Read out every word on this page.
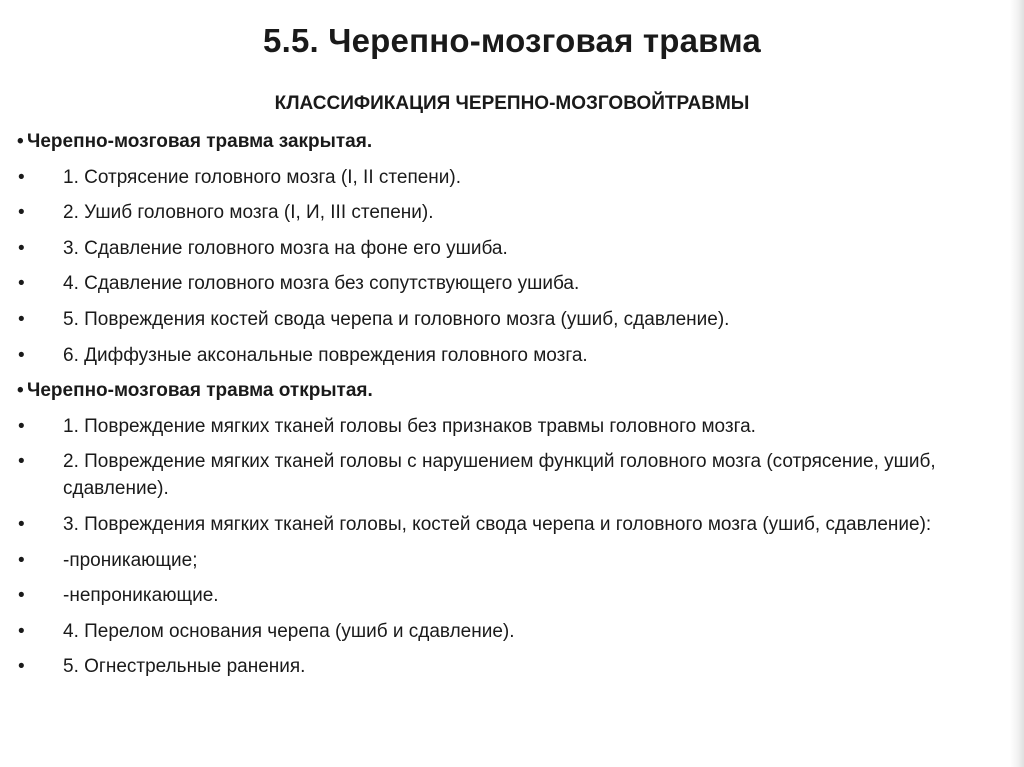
5.5. Черепно-мозговая травма
КЛАССИФИКАЦИЯ ЧЕРЕПНО-МОЗГОВОЙТРАВМЫ
• Черепно-мозговая травма закрытая.
• 1. Сотрясение головного мозга (I, II степени).
• 2. Ушиб головного мозга (I, И, III степени).
• 3. Сдавление головного мозга на фоне его ушиба.
• 4. Сдавление головного мозга без сопутствующего ушиба.
• 5. Повреждения костей свода черепа и головного мозга (ушиб, сдавление).
• 6. Диффузные аксональные повреждения головного мозга.
• Черепно-мозговая травма открытая.
• 1. Повреждение мягких тканей головы без признаков травмы головного мозга.
• 2. Повреждение мягких тканей головы с нарушением функций головного мозга (сотрясение, ушиб, сдавление).
• 3. Повреждения мягких тканей головы, костей свода черепа и головного мозга (ушиб, сдавление):
• -проникающие;
• -непроникающие.
• 4. Перелом основания черепа (ушиб и сдавление).
• 5. Огнестрельные ранения.
